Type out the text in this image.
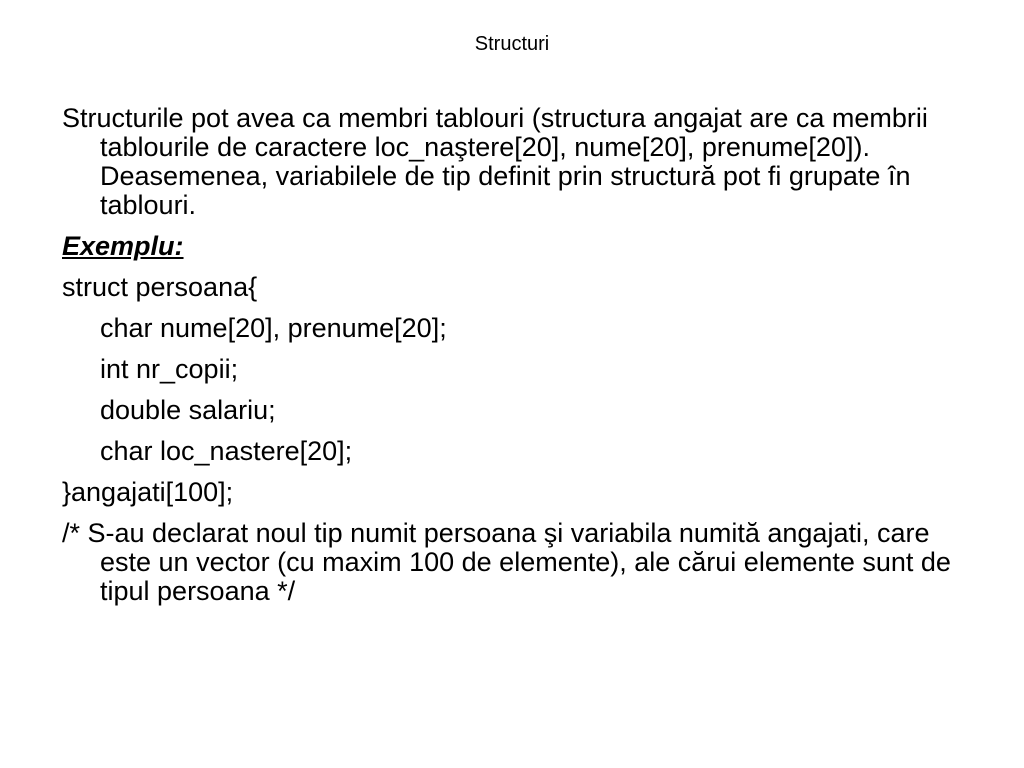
Structuri

Structurile pot avea ca membri tablouri (structura angajat are ca membrii tablourile de caractere loc_naştere[20], nume[20], prenume[20]). Deasemenea, variabilele de tip definit prin structură pot fi grupate în tablouri.

Exemplu:

struct persoana{

char nume[20], prenume[20];

int nr_copii;

double salariu;

char loc_nastere[20];

}angajati[100];

/* S-au declarat noul tip numit persoana şi variabila numită angajati, care este un vector (cu maxim 100 de elemente), ale cărui elemente sunt de tipul persoana */
